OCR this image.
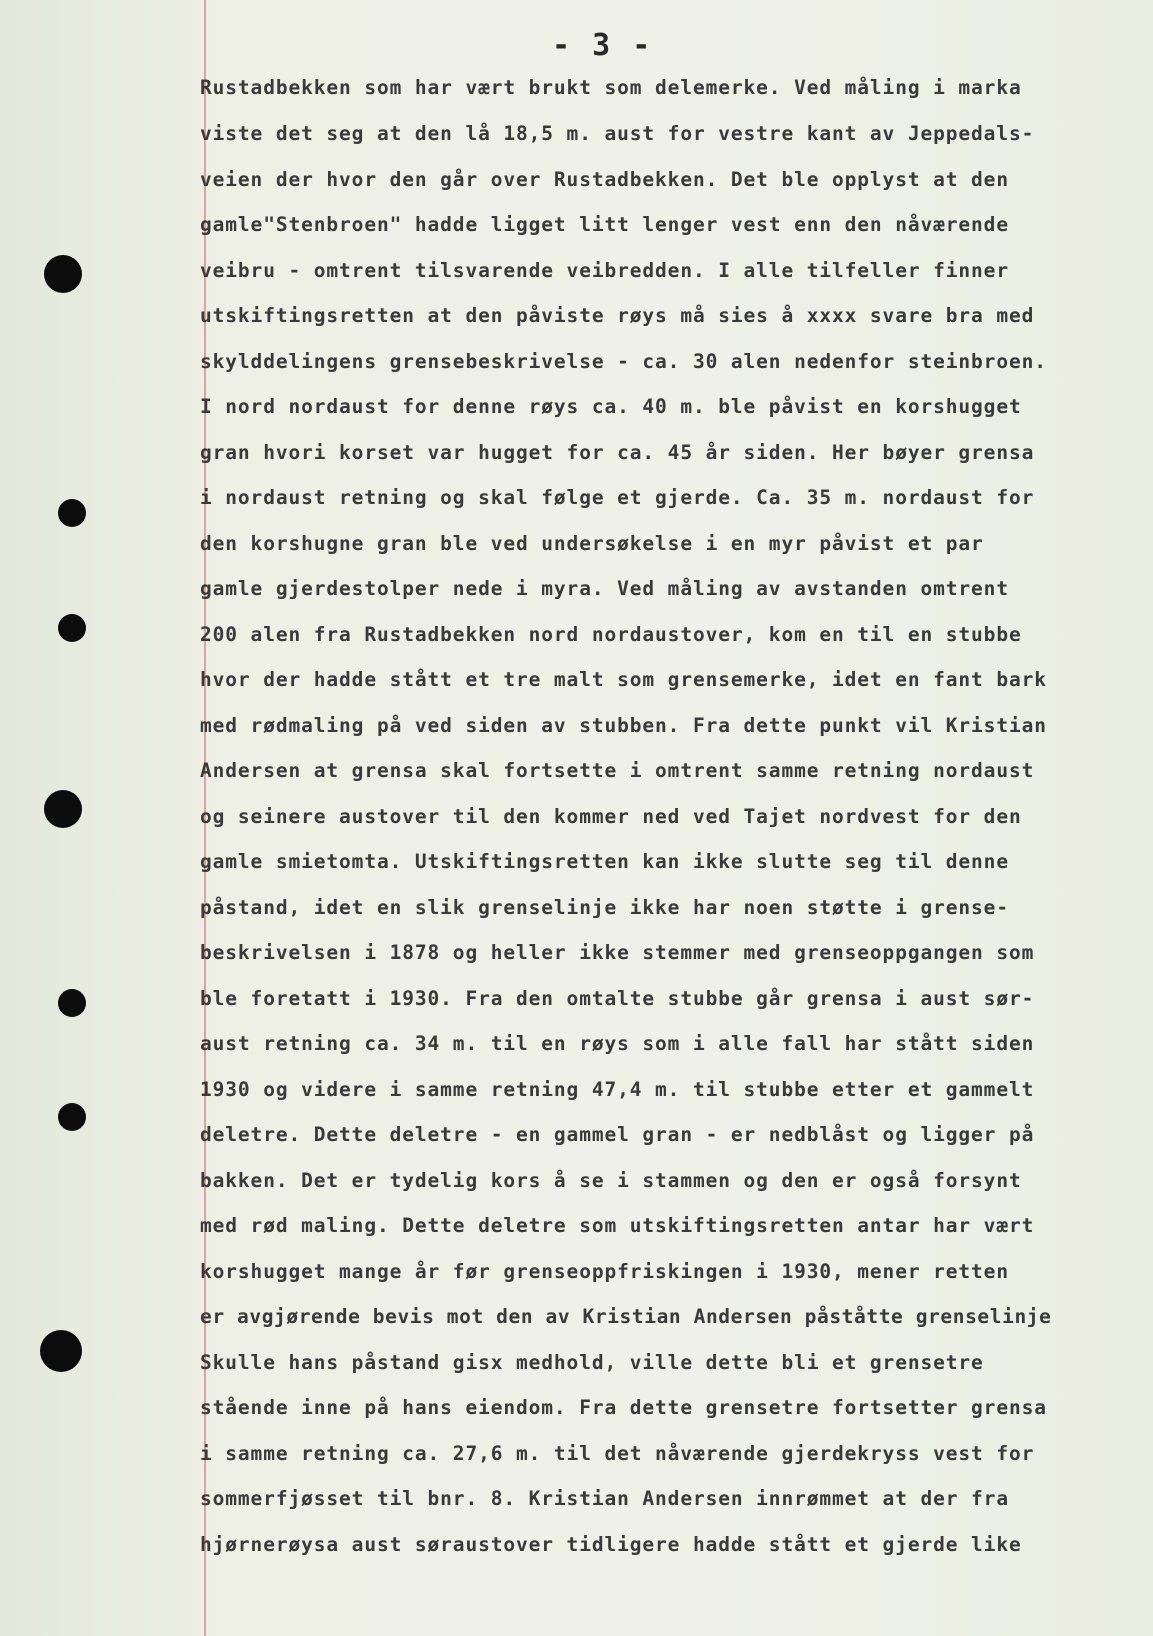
- 3 -
Rustadbekken som har vært brukt som delemerke. Ved måling i marka
viste det seg at den lå 18,5 m. aust for vestre kant av Jeppedals-
veien der hvor den går over Rustadbekken. Det ble opplyst at den
gamle"Stenbroen" hadde ligget litt lenger vest enn den nåværende
veibru - omtrent tilsvarende veibredden. I alle tilfeller finner
utskiftingsretten at den påviste røys må sies å xxxx svare bra med
skylddelingens grensebeskrivelse - ca. 30 alen nedenfor steinbroen.
I nord nordaust for denne røys ca. 40 m. ble påvist en korshugget
gran hvori korset var hugget for ca. 45 år siden. Her bøyer grensa
i nordaust retning og skal følge et gjerde. Ca. 35 m. nordaust for
den korshugne gran ble ved undersøkelse i en myr påvist et par
gamle gjerdestolper nede i myra. Ved måling av avstanden omtrent
200 alen fra Rustadbekken nord nordaustover, kom en til en stubbe
hvor der hadde stått et tre malt som grensemerke, idet en fant bark
med rødmaling på ved siden av stubben. Fra dette punkt vil Kristian
Andersen at grensa skal fortsette i omtrent samme retning nordaust
og seinere austover til den kommer ned ved Tajet nordvest for den
gamle smietomta. Utskiftingsretten kan ikke slutte seg til denne
påstand, idet en slik grenselinje ikke har noen støtte i grense-
beskrivelsen i 1878 og heller ikke stemmer med grenseoppgangen som
ble foretatt i 1930. Fra den omtalte stubbe går grensa i aust sør-
aust retning ca. 34 m. til en røys som i alle fall har stått siden
1930 og videre i samme retning 47,4 m. til stubbe etter et gammelt
deletre. Dette deletre - en gammel gran - er nedblåst og ligger på
bakken. Det er tydelig kors å se i stammen og den er også forsynt
med rød maling. Dette deletre som utskiftingsretten antar har vært
korshugget mange år før grenseoppfriskingen i 1930, mener retten
er avgjørende bevis mot den av Kristian Andersen påståtte grenselinje
Skulle hans påstand gisx medhold, ville dette bli et grensetre
stående inne på hans eiendom. Fra dette grensetre fortsetter grensa
i samme retning ca. 27,6 m. til det nåværende gjerdekryss vest for
sommerfjøsset til bnr. 8. Kristian Andersen innrømmet at der fra
hjørnerøysa aust søraustover tidligere hadde stått et gjerde like
